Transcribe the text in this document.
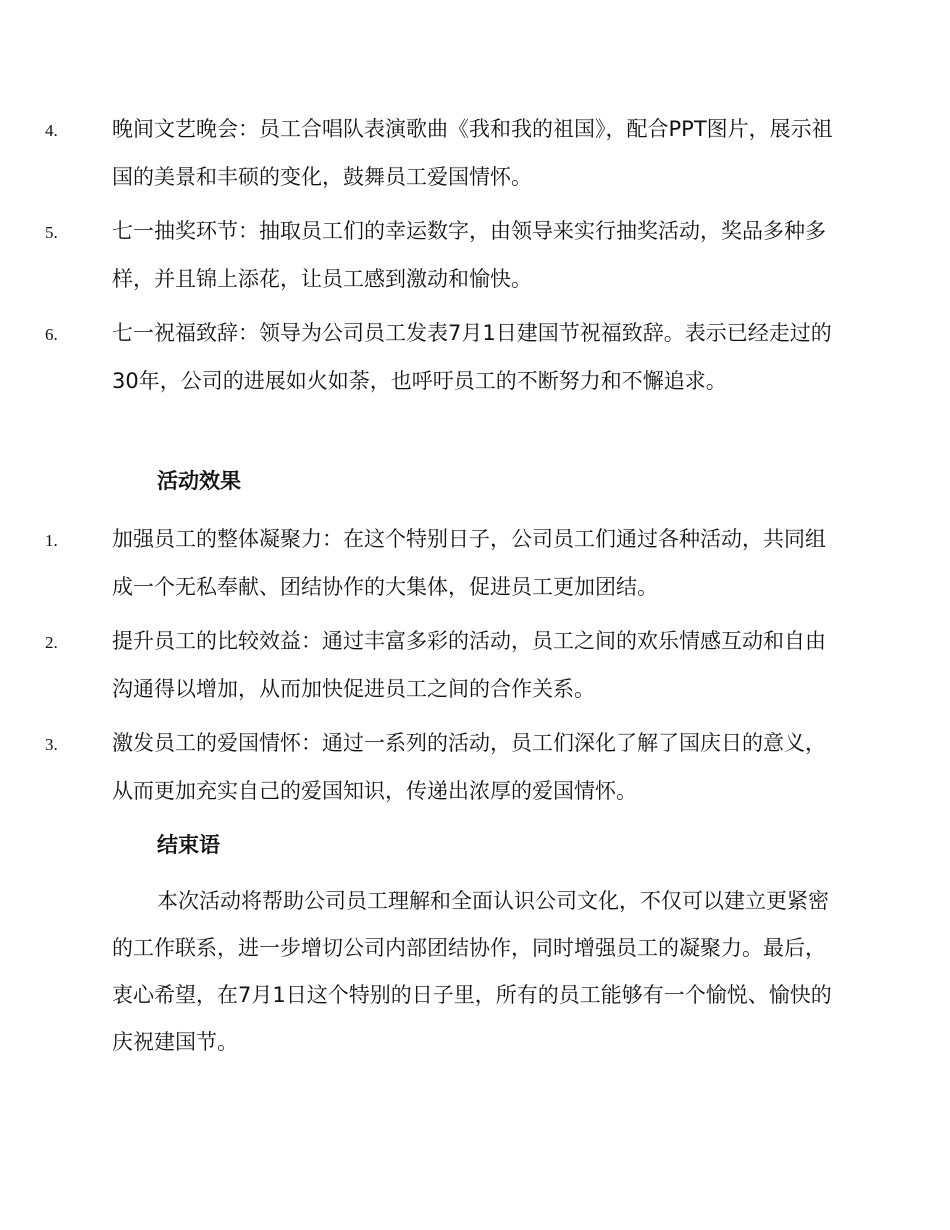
4.	晚间文艺晚会：员工合唱队表演歌曲《我和我的祖国》，配合PPT图片，展示祖国的美景和丰硕的变化，鼓舞员工爱国情怀。
5.	七一抽奖环节：抽取员工们的幸运数字，由领导来实行抽奖活动，奖品多种多样，并且锦上添花，让员工感到激动和愉快。
6.	七一祝福致辞：领导为公司员工发表7月1日建国节祝福致辞。表示已经走过的30年，公司的进展如火如荼，也呼吁员工的不断努力和不懈追求。
活动效果
1.	加强员工的整体凝聚力：在这个特别日子，公司员工们通过各种活动，共同组成一个无私奉献、团结协作的大集体，促进员工更加团结。
2.	提升员工的比较效益：通过丰富多彩的活动，员工之间的欢乐情感互动和自由沟通得以增加，从而加快促进员工之间的合作关系。
3.	激发员工的爱国情怀：通过一系列的活动，员工们深化了解了国庆日的意义，从而更加充实自己的爱国知识，传递出浓厚的爱国情怀。
结束语
本次活动将帮助公司员工理解和全面认识公司文化，不仅可以建立更紧密的工作联系，进一步增切公司内部团结协作，同时增强员工的凝聚力。最后，衷心希望，在7月1日这个特别的日子里，所有的员工能够有一个愉悦、愉快的庆祝建国节。
